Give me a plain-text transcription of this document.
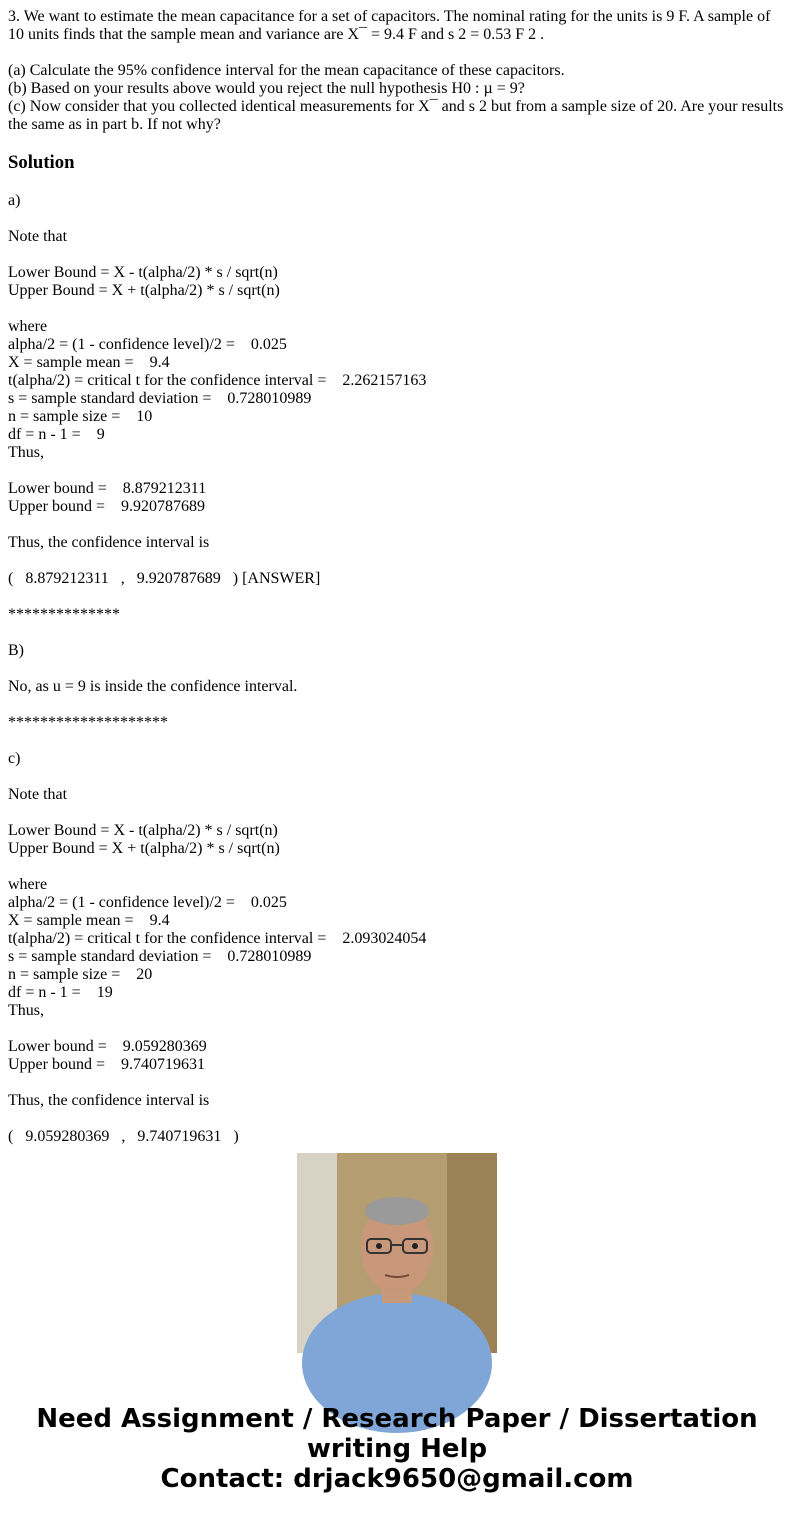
3. We want to estimate the mean capacitance for a set of capacitors. The nominal rating for the units is 9 F. A sample of 10 units finds that the sample mean and variance are X¯ = 9.4 F and s 2 = 0.53 F 2 .

(a) Calculate the 95% confidence interval for the mean capacitance of these capacitors.

(b) Based on your results above would you reject the null hypothesis H0 : µ = 9?

(c) Now consider that you collected identical measurements for X¯ and s 2 but from a sample size of 20. Are your results the same as in part b. If not why?

Solution
a)
Note that
Lower Bound = X - t(alpha/2) * s / sqrt(n)
Upper Bound = X + t(alpha/2) * s / sqrt(n)
where
alpha/2 = (1 - confidence level)/2 =    0.025
X = sample mean =    9.4
t(alpha/2) = critical t for the confidence interval =    2.262157163
s = sample standard deviation =    0.728010989
n = sample size =    10
df = n - 1 =    9
Thus,
Lower bound =    8.879212311
Upper bound =    9.920787689
Thus, the confidence interval is
(   8.879212311   ,   9.920787689   ) [ANSWER]
**************
B)
No, as u = 9 is inside the confidence interval.
********************
c)
Note that
Lower Bound = X - t(alpha/2) * s / sqrt(n)
Upper Bound = X + t(alpha/2) * s / sqrt(n)
where
alpha/2 = (1 - confidence level)/2 =    0.025
X = sample mean =    9.4
t(alpha/2) = critical t for the confidence interval =    2.093024054
s = sample standard deviation =    0.728010989
n = sample size =    20
df = n - 1 =    19
Thus,
Lower bound =    9.059280369
Upper bound =    9.740719631
Thus, the confidence interval is
(   9.059280369   ,   9.740719631   )
Need Assignment / Research Paper / Dissertation
writing Help
Contact: drjack9650@gmail.com
